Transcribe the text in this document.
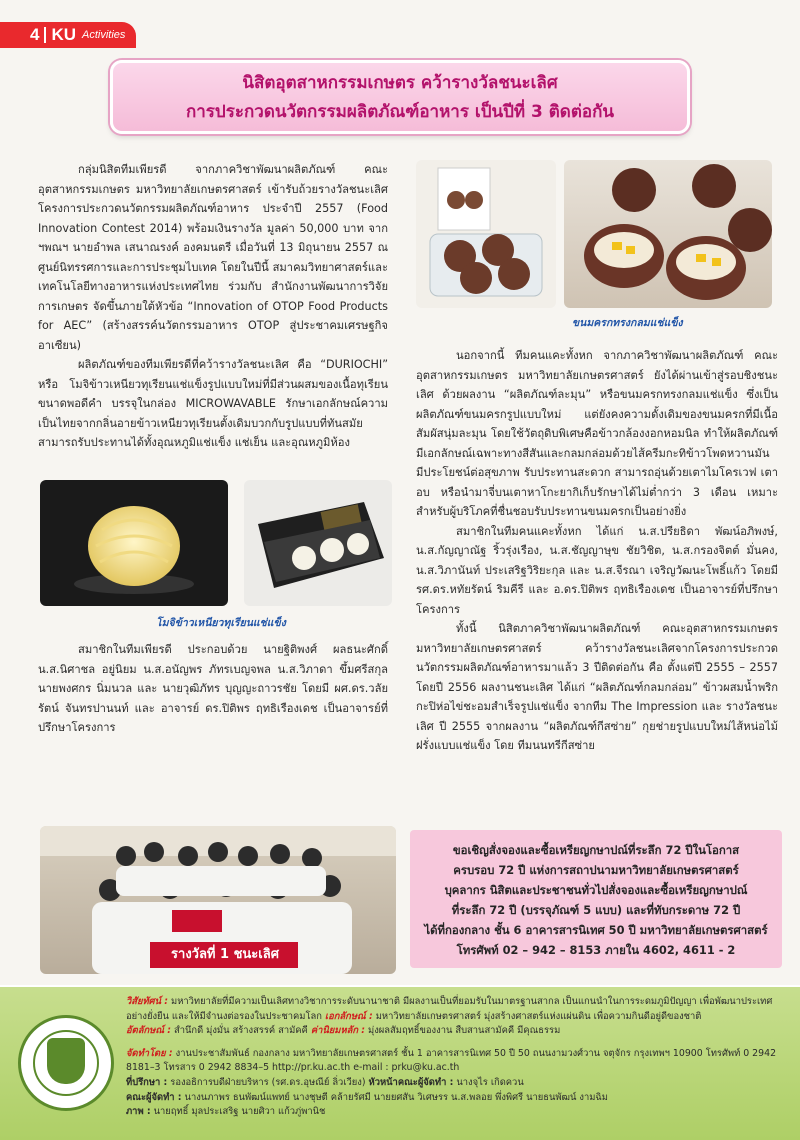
4 KU Activities
นิสิตอุตสาหกรรมเกษตร คว้ารางวัลชนะเลิศ
การประกวดนวัตกรรมผลิตภัณฑ์อาหาร เป็นปีที่ 3 ติดต่อกัน

กลุ่มนิสิตทีมเพียรดี จากภาควิชาพัฒนาผลิตภัณฑ์ คณะอุตสาหกรรมเกษตร มหาวิทยาลัยเกษตรศาสตร์ เข้ารับถ้วยรางวัลชนะเลิศ โครงการประกวดนวัตกรรมผลิตภัณฑ์อาหาร ประจำปี 2557 (Food Innovation Contest 2014) พร้อมเงินรางวัล มูลค่า 50,000 บาท จาก ฯพณฯ นายอำพล เสนาณรงค์ องคมนตรี เมื่อวันที่ 13 มิถุนายน 2557 ณ ศูนย์นิทรรศการและการประชุมไบเทค โดยในปีนี้ สมาคมวิทยาศาสตร์และเทคโนโลยีทางอาหารแห่งประเทศไทย ร่วมกับ สำนักงานพัฒนาการวิจัยการเกษตร จัดขึ้นภายใต้หัวข้อ “Innovation of OTOP Food Products for AEC” (สร้างสรรค์นวัตกรรมอาหาร OTOP สู่ประชาคมเศรษฐกิจอาเซียน)

ผลิตภัณฑ์ของทีมเพียรดีที่คว้ารางวัลชนะเลิศ คือ “DURIOCHI” หรือ โมจิข้าวเหนียวทุเรียนแช่แข็งรูปแบบใหม่ที่มีส่วนผสมของเนื้อทุเรียนขนาดพอดีคำ บรรจุในกล่อง MICROWAVABLE รักษาเอกลักษณ์ความเป็นไทยจากกลิ่นอายข้าวเหนียวทุเรียนตั้งเดิมบวกกับรูปแบบที่ทันสมัย สามารถรับประทานได้ทั้งอุณหภูมิแช่แข็ง แช่เย็น และอุณหภูมิห้อง

โมจิข้าวเหนียวทุเรียนแช่แข็ง

สมาชิกในทีมเพียรดี ประกอบด้วย นายฐิติพงศ์ ผลธนะศักดิ์ น.ส.นิศาชล อยู่นิยม น.ส.อนัญพร ภัทรเบญจพล น.ส.วิภาดา ขึ้มศรีสกุล นายพงศกร นิ่มนวล และ นายวุฒิภัทร บุญญะถาวรชัย โดยมี ผศ.ดร.วลัยรัตน์ จันทรปานนท์ และ อาจารย์ ดร.ปิติพร ฤทธิเรืองเดช เป็นอาจารย์ที่ปรึกษาโครงการ

รางวัลที่ 1 ชนะเลิศ
ขนมครกทรงกลมแช่แข็ง

นอกจากนี้ ทีมคนแคะทั้งหก จากภาควิชาพัฒนาผลิตภัณฑ์ คณะอุตสาหกรรมเกษตร มหาวิทยาลัยเกษตรศาสตร์ ยังได้ผ่านเข้าสู่รอบชิงชนะเลิศ ด้วยผลงาน “ผลิตภัณฑ์ละมุน” หรือขนมครกทรงกลมแช่แข็ง ซึ่งเป็นผลิตภัณฑ์ขนมครกรูปแบบใหม่ แต่ยังคงความดั้งเดิมของขนมครกที่มีเนื้อสัมผัสนุ่มละมุน โดยใช้วัตถุดิบพิเศษคือข้าวกล้องงอกหอมนิล ทำให้ผลิตภัณฑ์มีเอกลักษณ์เฉพาะทางสีสันและกลมกล่อมด้วยไส้ครีมกะทิข้าวโพดหวานมัน มีประโยชน์ต่อสุขภาพ รับประทานสะดวก สามารถอุ่นด้วยเตาไมโครเวฟ เตาอบ หรือนำมาจี่บนเตาหาโกะยากิเก็บรักษาได้ไม่ต่ำกว่า 3 เดือน เหมาะสำหรับผู้บริโภคที่ชื่นชอบรับประทานขนมครกเป็นอย่างยิ่ง

สมาชิกในทีมคนแคะทั้งหก ได้แก่ น.ส.ปรียธิดา พัฒน์อภิพงษ์, น.ส.กัญญาณัฐ ริ้วรุ่งเรือง, น.ส.ชัญญาษุข ชัยวิชิต, น.ส.กรองจิตต์ มั่นคง, น.ส.วิภานันท์ ประเสริฐวิริยะกุล และ น.ส.จีรณา เจริญวัฒนะโพธิ์แก้ว โดยมี รศ.ดร.หทัยรัตน์ ริมคีรี และ อ.ดร.ปิติพร ฤทธิเรืองเดช เป็นอาจารย์ที่ปรึกษาโครงการ

ทั้งนี้ นิสิตภาควิชาพัฒนาผลิตภัณฑ์ คณะอุตสาหกรรมเกษตร มหาวิทยาลัยเกษตรศาสตร์ คว้ารางวัลชนะเลิศจากโครงการประกวดนวัตกรรมผลิตภัณฑ์อาหารมาแล้ว 3 ปีติดต่อกัน คือ ตั้งแต่ปี 2555 – 2557 โดยปี 2556 ผลงานชนะเลิศ ได้แก่ “ผลิตภัณฑ์กลมกล่อม” ข้าวผสมน้ำพริกกะปิห่อไข่ชะอมสำเร็จรูปแช่แข็ง จากทีม The Impression และ รางวัลชนะเลิศ ปี 2555 จากผลงาน “ผลิตภัณฑ์กีสซ่าย” กุยช่ายรูปแบบใหม่ไส้หน่อไม้ฝรั่งแบบแช่แข็ง โดย ทีมนนทรีกีสซ่าย

ขอเชิญสั่งจองและซื้อเหรียญกษาปณ์ที่ระลึก 72 ปีในโอกาส
ครบรอบ 72 ปี แห่งการสถาปนามหาวิทยาลัยเกษตรศาสตร์
บุคลากร นิสิตและประชาชนทั่วไปสั่งจองและซื้อเหรียญกษาปณ์
ที่ระลึก 72 ปี (บรรจุภัณฑ์ 5 แบบ) และที่ทับกระดาษ 72 ปี
ได้ที่กองกลาง ชั้น 6 อาคารสารนิเทศ 50 ปี มหาวิทยาลัยเกษตรศาสตร์
โทรศัพท์ 02 – 942 – 8153 ภายใน 4602, 4611 - 2

วิสัยทัศน์ : มหาวิทยาลัยที่มีความเป็นเลิศทางวิชาการระดับนานาชาติ มีผลงานเป็นที่ยอมรับในมาตรฐานสากล เป็นแกนนำในการระดมภูมิปัญญา เพื่อพัฒนาประเทศอย่างยั่งยืน และให้มีจำนงต่อรองในประชาคมโลก เอกลักษณ์ : มหาวิทยาลัยเกษตรศาสตร์ มุ่งสร้างศาสตร์แห่งแผ่นดิน เพื่อความกินดีอยู่ดีของชาติ

อัตลักษณ์ : สำนึกดี มุ่งมั่น สร้างสรรค์ สามัคคี ค่านิยมหลัก : มุ่งผลสัมฤทธิ์ของงาน สืบสานสามัคคี มีคุณธรรม

จัดทำโดย : งานประชาสัมพันธ์ กองกลาง มหาวิทยาลัยเกษตรศาสตร์ ชั้น 1 อาคารสารนิเทศ 50 ปี 50 ถนนงามวงศ์วาน จตุจักร กรุงเทพฯ 10900 โทรศัพท์ 0 2942 8181–3 โทรสาร 0 2942 8834–5 http://pr.ku.ac.th e-mail : prku@ku.ac.th

ที่ปรึกษา : รองอธิการบดีฝ่ายบริหาร (รศ.ดร.อุษณีย์ ลิ่วเวียง) หัวหน้าคณะผู้จัดทำ : นางจุไร เกิดควน

คณะผู้จัดทำ : นางนภาพร ธนพัฒน์แพทย์ นางชุษตี คล้ายรัศมี นายยศสัน วิเศษรร น.ส.พลอย พึ่งพิศรี นายธนพัฒน์ งามฉิม

ภาพ : นายฤทธิ์ มุลประเสริฐ นายศิวา แก้วภู่พานิช
